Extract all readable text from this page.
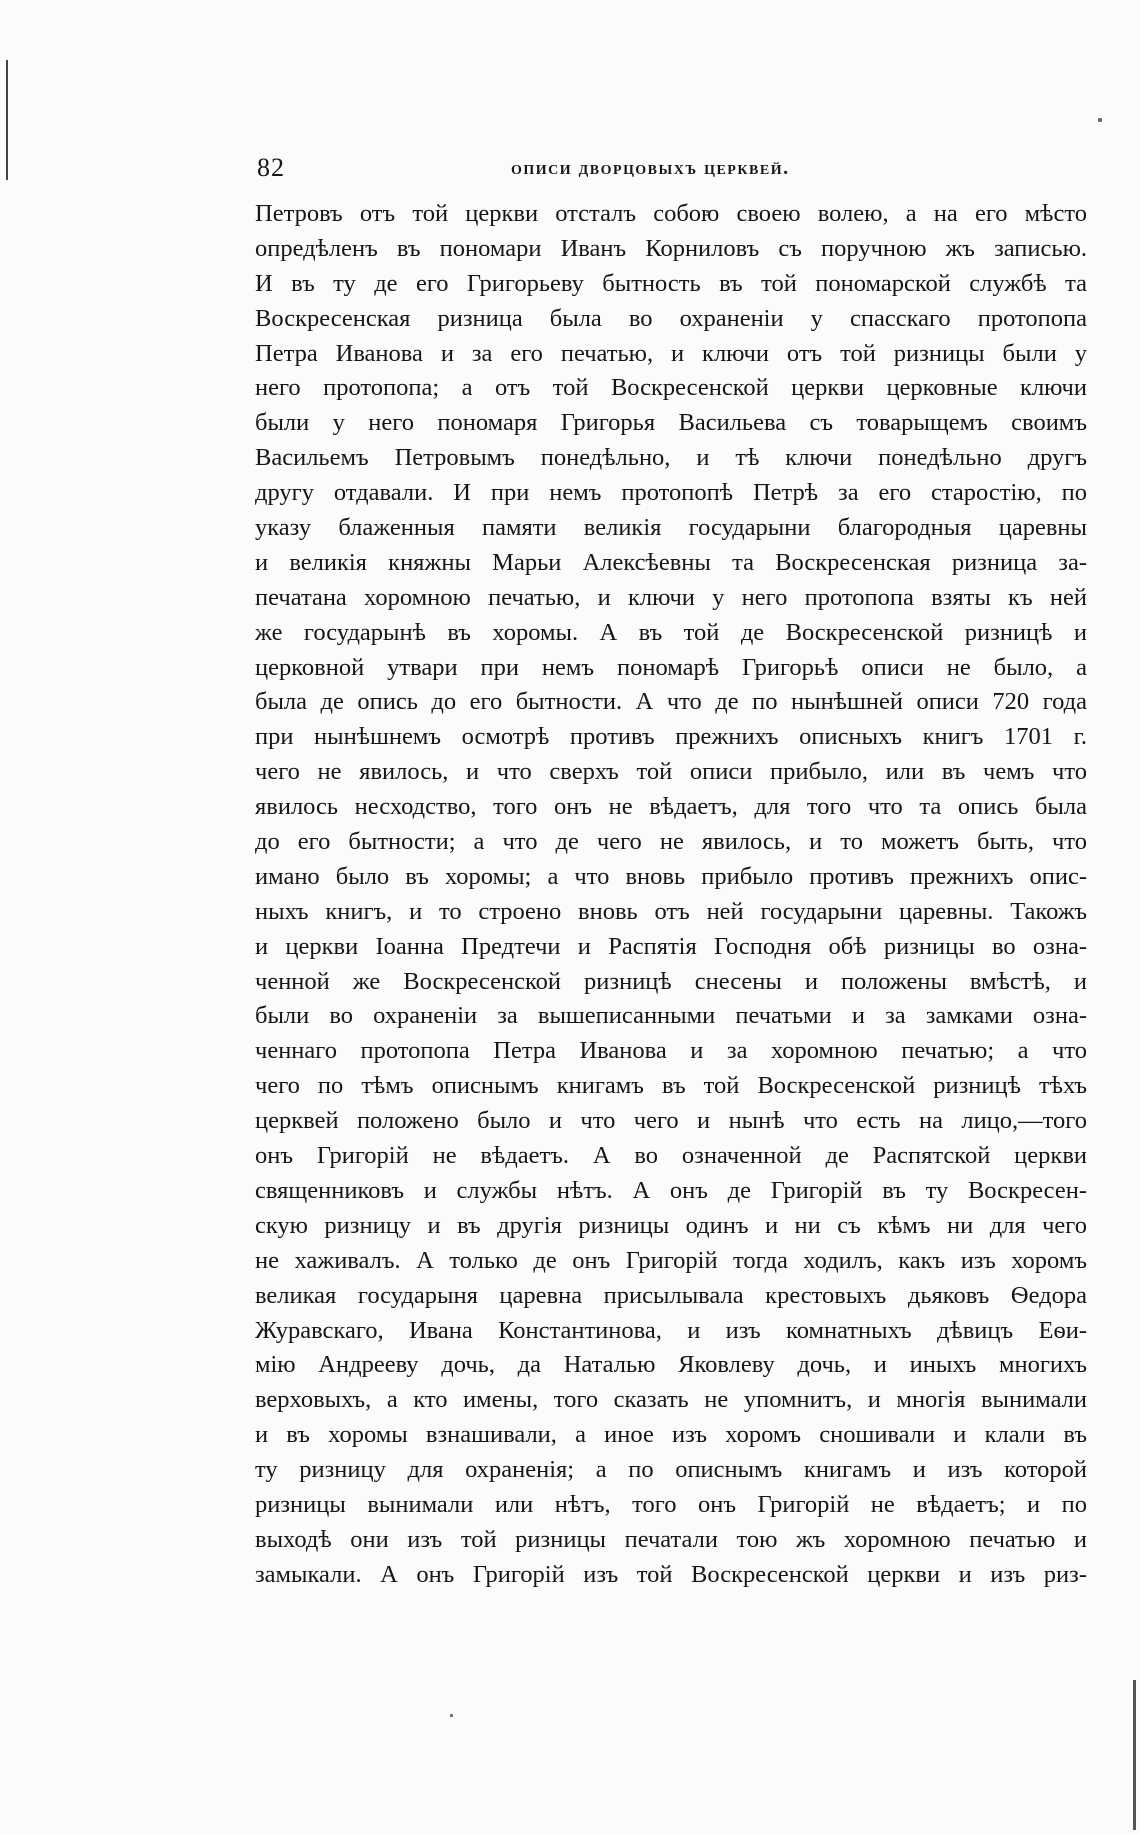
82	описи дворцовыхъ церквей.
Петровъ отъ той церкви отсталъ собою своею волею, а на его мѣсто
опредѣленъ въ пономари Иванъ Корниловъ съ поручною жъ записью.
И въ ту де его Григорьеву бытность въ той пономарской службѣ та
Воскресенская ризница была во охраненіи у спасскаго протопопа
Петра Иванова и за его печатью, и ключи отъ той ризницы были у
него протопопа; а отъ той Воскресенской церкви церковные ключи
были у него пономаря Григорья Васильева съ товарыщемъ своимъ
Васильемъ Петровымъ понедѣльно, и тѣ ключи понедѣльно другъ
другу отдавали. И при немъ протопопѣ Петрѣ за его старостію, по
указу блаженныя памяти великія государыни благородныя царевны
и великія княжны Марьи Алексѣевны та Воскресенская ризница за-
печатана хоромною печатью, и ключи у него протопопа взяты къ ней
же государынѣ въ хоромы. А въ той де Воскресенской ризницѣ и
церковной утвари при немъ пономарѣ Григорьѣ описи не было, а
была де опись до его бытности. А что де по нынѣшней описи 720 года
при нынѣшнемъ осмотрѣ противъ прежнихъ описныхъ книгъ 1701 г.
чего не явилось, и что сверхъ той описи прибыло, или въ чемъ что
явилось несходство, того онъ не вѣдаетъ, для того что та опись была
до его бытности; а что де чего не явилось, и то можетъ быть, что
имано было въ хоромы; а что вновь прибыло противъ прежнихъ опис-
ныхъ книгъ, и то строено вновь отъ ней государыни царевны. Такожъ
и церкви Іоанна Предтечи и Распятія Господня обѣ ризницы во озна-
ченной же Воскресенской ризницѣ снесены и положены вмѣстѣ, и
были во охраненіи за вышеписанными печатьми и за замками озна-
ченнаго протопопа Петра Иванова и за хоромною печатью; а что
чего по тѣмъ описнымъ книгамъ въ той Воскресенской ризницѣ тѣхъ
церквей положено было и что чего и нынѣ что есть на лицо,—того
онъ Григорій не вѣдаетъ. А во означенной де Распятской церкви
священниковъ и службы нѣтъ. А онъ де Григорій въ ту Воскресен-
скую ризницу и въ другія ризницы одинъ и ни съ кѣмъ ни для чего
не хаживалъ. А только де онъ Григорій тогда ходилъ, какъ изъ хоромъ
великая государыня царевна присылывала крестовыхъ дьяковъ Ѳедора
Журавскаго, Ивана Константинова, и изъ комнатныхъ дѣвицъ Еѳи-
мію Андрееву дочь, да Наталью Яковлеву дочь, и иныхъ многихъ
верховыхъ, а кто имены, того сказать не упомнитъ, и многія вынимали
и въ хоромы взнашивали, а иное изъ хоромъ сношивали и клали въ
ту ризницу для охраненія; а по описнымъ книгамъ и изъ которой
ризницы вынимали или нѣтъ, того онъ Григорій не вѣдаетъ; и по
выходѣ они изъ той ризницы печатали тою жъ хоромною печатью и
замыкали. А онъ Григорій изъ той Воскресенской церкви и изъ риз-
